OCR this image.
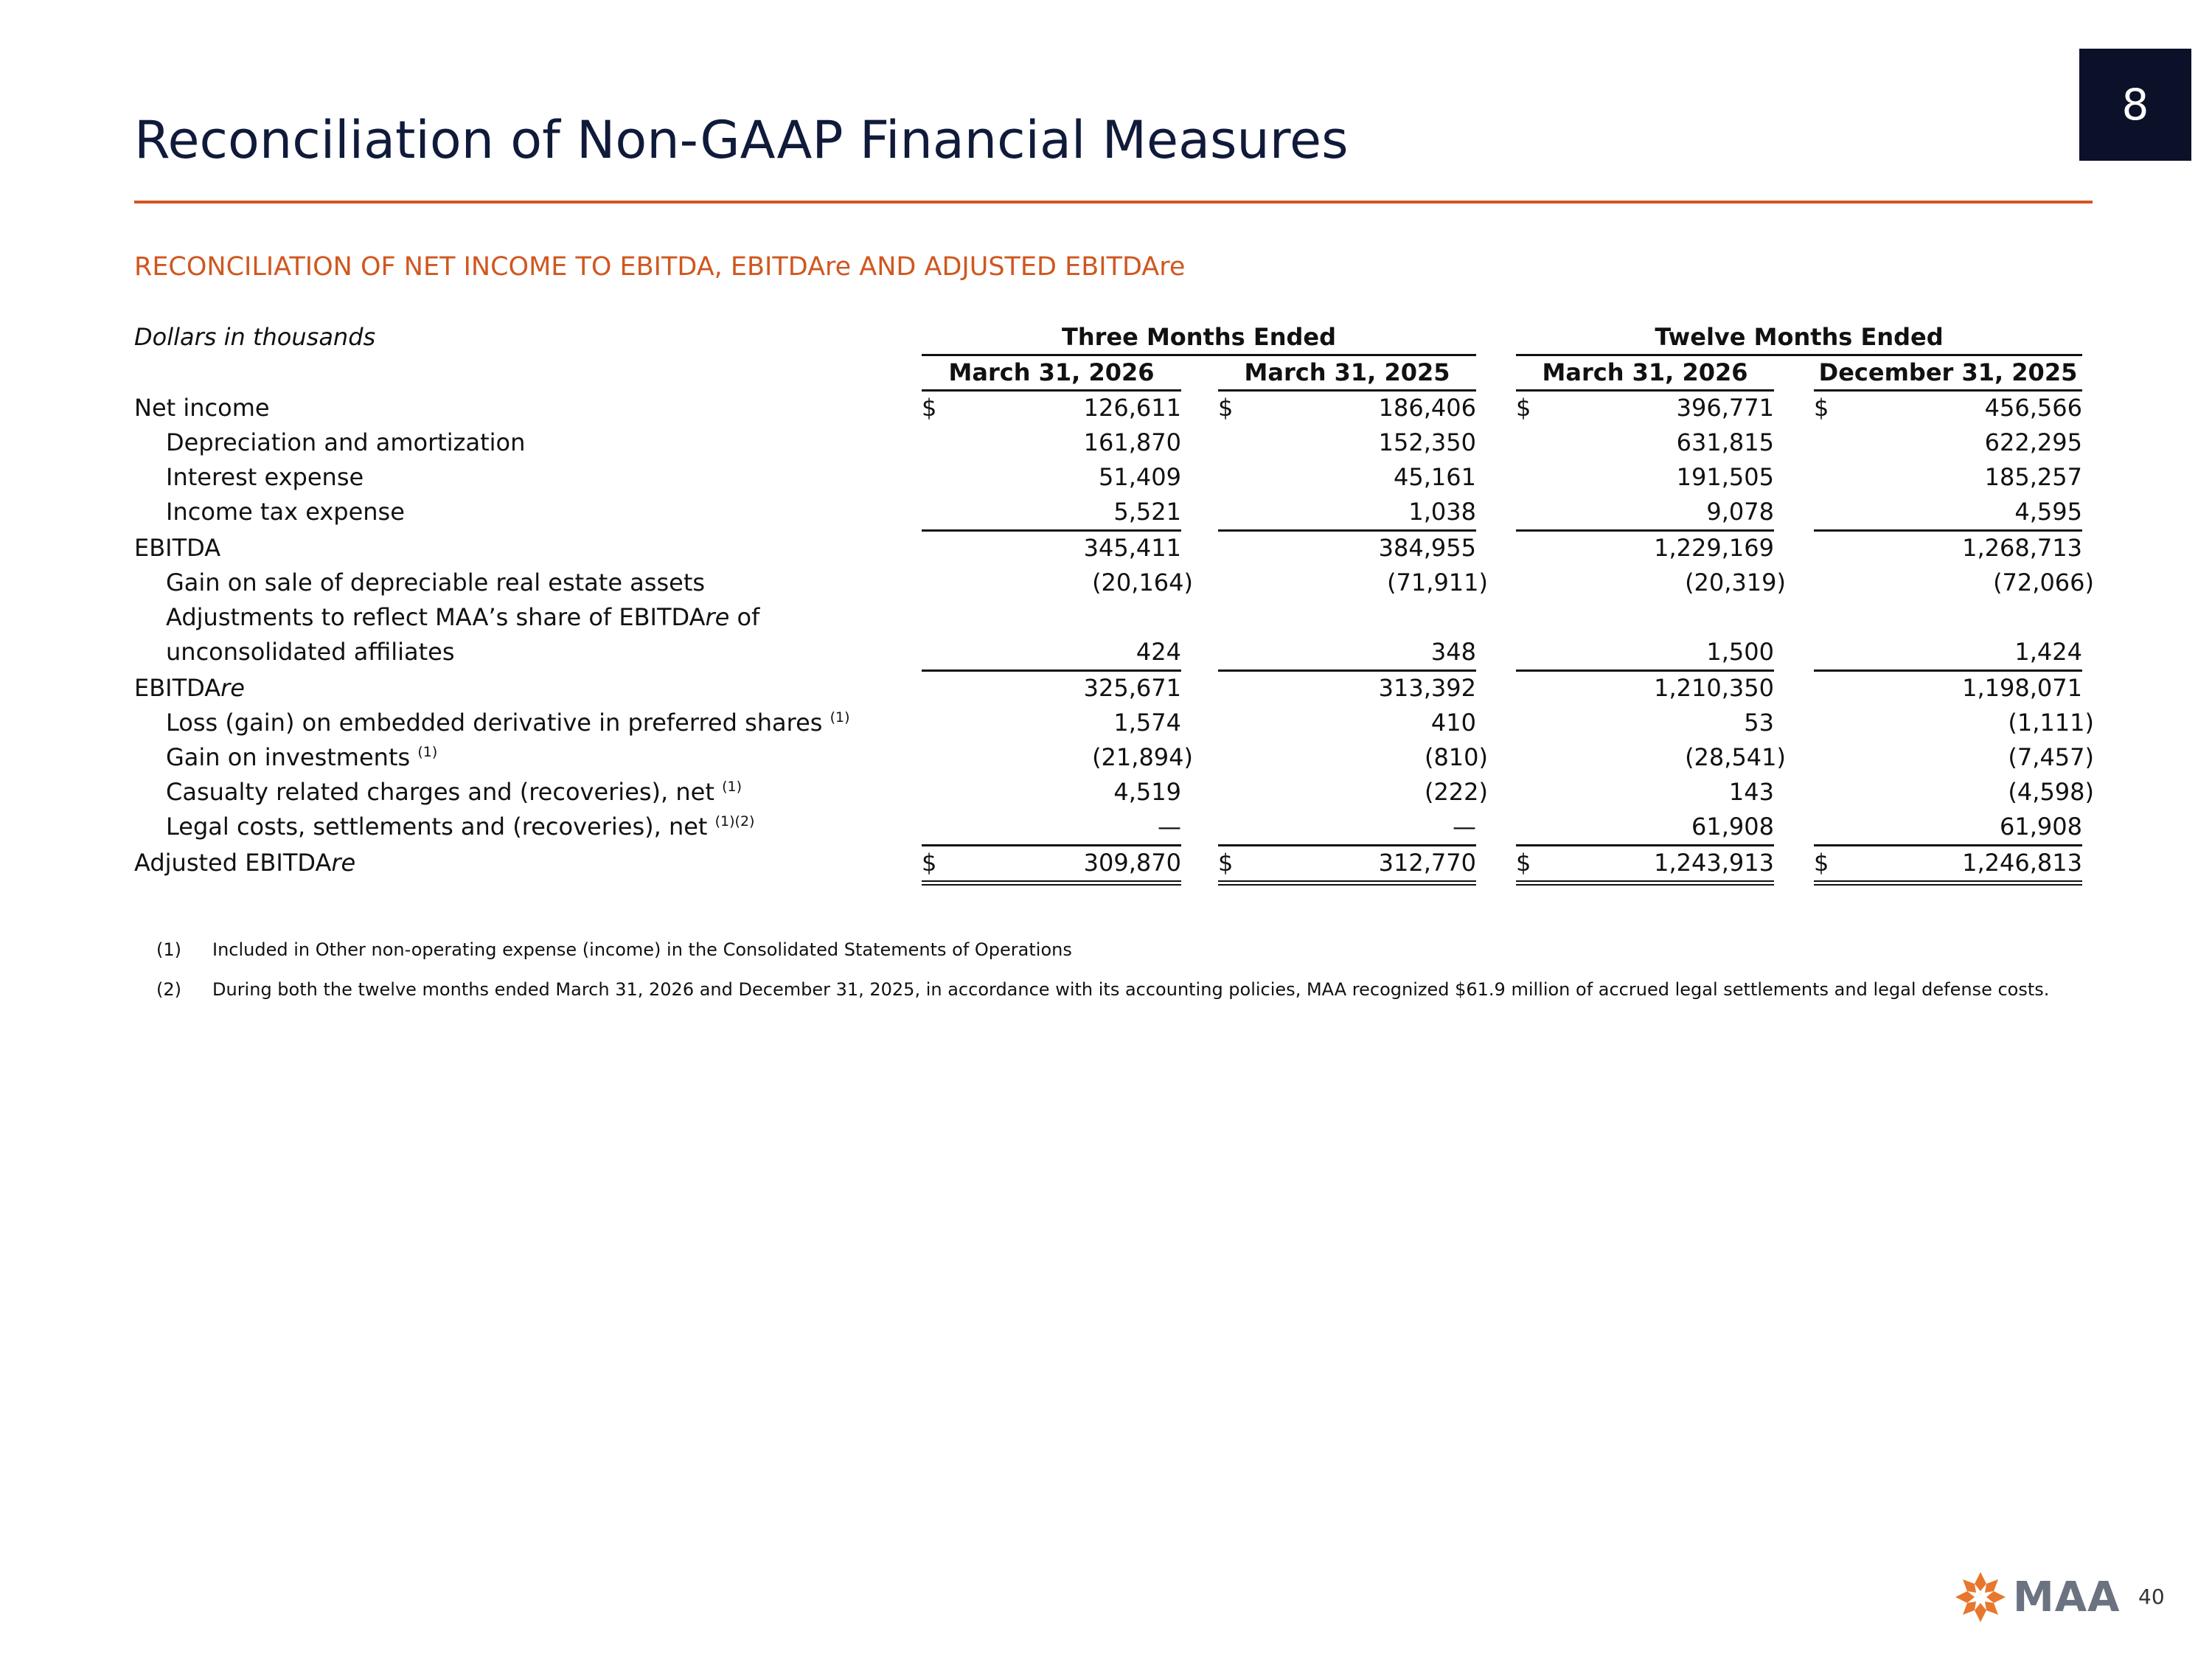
8
Reconciliation of Non-GAAP Financial Measures
RECONCILIATION OF NET INCOME TO EBITDA, EBITDAre AND ADJUSTED EBITDAre
Dollars in thousands	Three Months Ended	Twelve Months Ended
March 31, 2026	March 31, 2025	March 31, 2026	December 31, 2025
Net income	$	126,611 $	186,406 $	396,771 $	456,566
Depreciation and amortization	161,870	152,350	631,815	622,295
Interest expense	51,409	45,161	191,505	185,257
Income tax expense	5,521	1,038	9,078	4,595
EBITDA	345,411	384,955	1,229,169	1,268,713
Gain on sale of depreciable real estate assets	(20,164)	(71,911)	(20,319)	(72,066)
Adjustments to reflect MAA’s share of EBITDAre of
unconsolidated affiliates	424	348	1,500	1,424
EBITDAre	325,671	313,392	1,210,350	1,198,071
Loss (gain) on embedded derivative in preferred shares $^{(1)}$	1,574	410	53	(1,111)
Gain on investments $^{(1)}$	(21,894)	(810)	(28,541)	(7,457)
Casualty related charges and (recoveries), net $^{(1)}$	4,519	(222)	143	(4,598)
Legal costs, settlements and (recoveries), net $^{(1)(2)}$	—	—	61,908	61,908
Adjusted EBITDAre	$	309,870 $	312,770 $	1,243,913 $	1,246,813
(1) Included in Other non-operating expense (income) in the Consolidated Statements of Operations
(2) During both the twelve months ended March 31, 2026 and December 31, 2025, in accordance with its accounting policies, MAA recognized $61.9 million of accrued legal settlements and legal defense costs.
MAA 40
